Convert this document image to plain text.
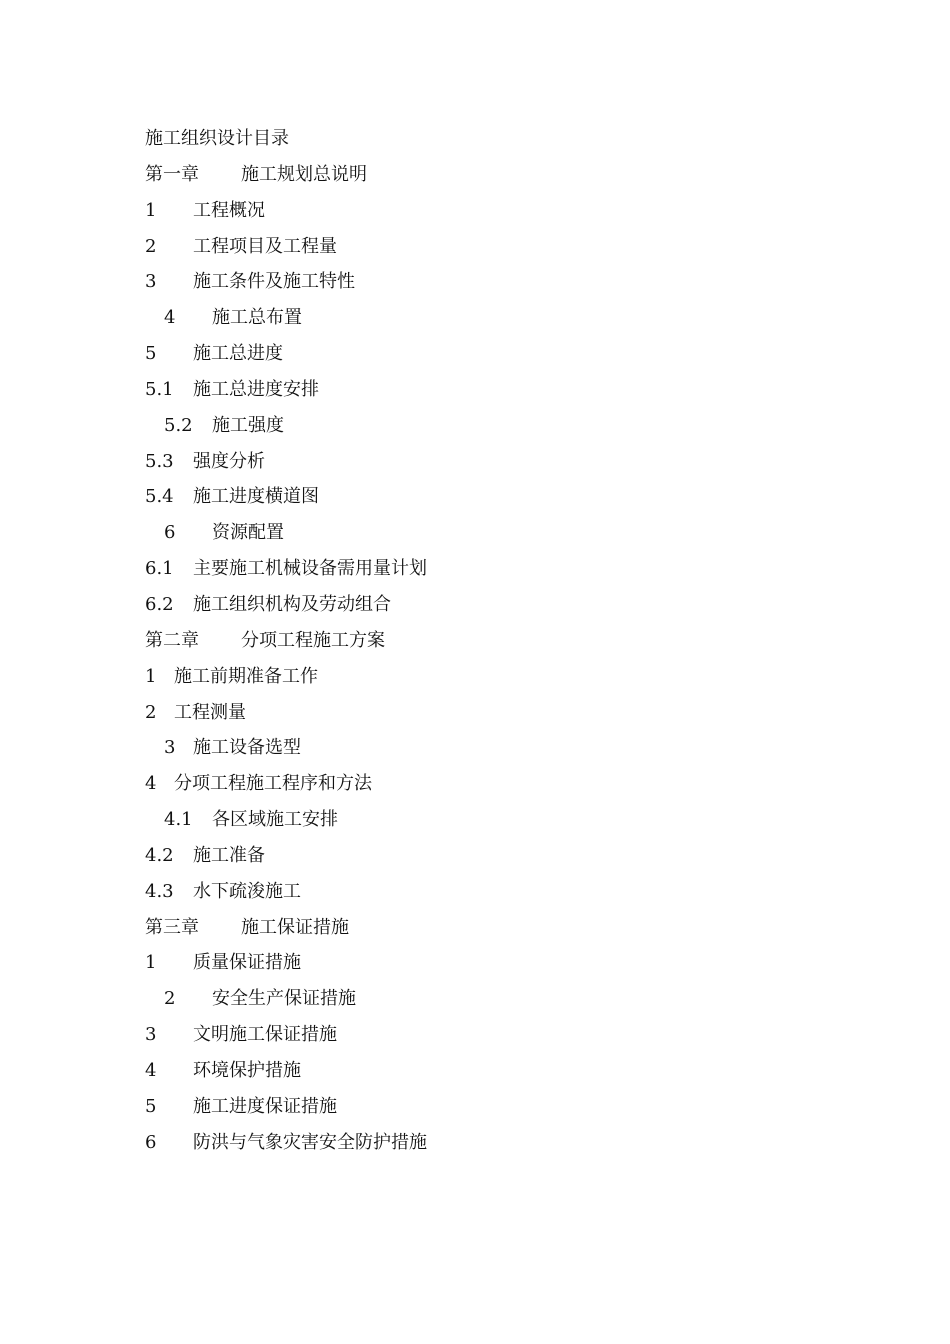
施工组织设计目录
第一章	施工规划总说明
1	工程概况
2	工程项目及工程量
3	施工条件及施工特性
4	施工总布置
5	施工总进度
5.1	施工总进度安排
5.2	施工强度
5.3	强度分析
5.4	施工进度横道图
6	资源配置
6.1	主要施工机械设备需用量计划
6.2	施工组织机构及劳动组合
第二章	分项工程施工方案
1 施工前期准备工作
2 工程测量
3 施工设备选型
4 分项工程施工程序和方法
4.1	各区域施工安排
4.2	施工准备
4.3	水下疏浚施工
第三章	施工保证措施
1	质量保证措施
2	安全生产保证措施
3	文明施工保证措施
4	环境保护措施
5	施工进度保证措施
6	防洪与气象灾害安全防护措施
